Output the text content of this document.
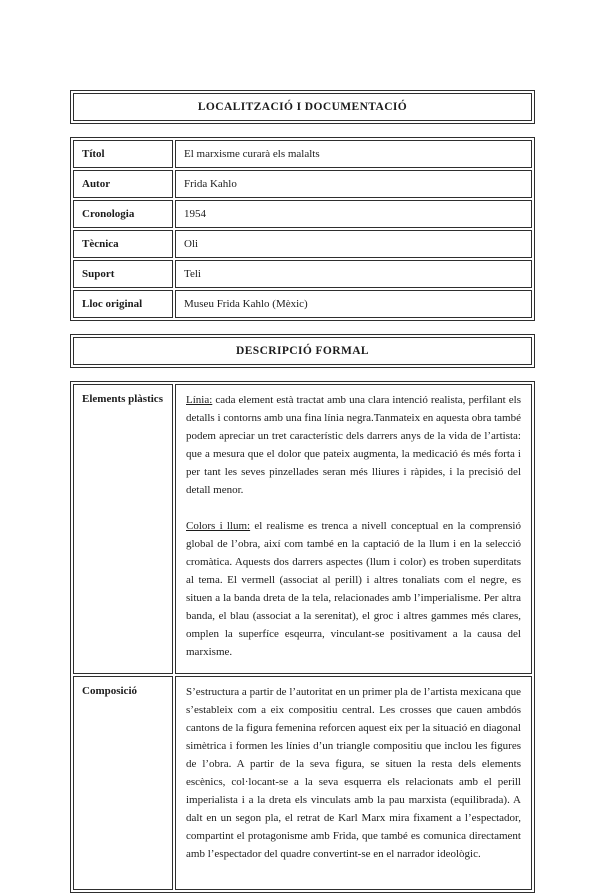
LOCALITZACIÓ I DOCUMENTACIÓ
Títol	El marxisme curarà els malalts
Autor	Frida Kahlo
Cronologia	1954
Tècnica	Oli
Suport	Teli
Lloc original	Museu Frida Kahlo (Mèxic)
DESCRIPCIÓ FORMAL
Elements plàstics	Línia: cada element està tractat amb una clara intenció realista, perfilant els detalls i contorns amb una fina línia negra.Tanmateix en aquesta obra també podem apreciar un tret característic dels darrers anys de la vida de l’artista: que a mesura que el dolor que pateix augmenta, la medicació és més forta i per tant les seves pinzellades seran més lliures i ràpides, i la precisió del detall menor.

Colors i llum: el realisme es trenca a nivell conceptual en la comprensió global de l’obra, així com també en la captació de la llum i en la selecció cromàtica. Aquests dos darrers aspectes (llum i color) es troben superditats al tema. El vermell (associat al perill) i altres tonaliats com el negre, es situen a la banda dreta de la tela, relacionades amb l’imperialisme. Per altra banda, el blau (associat a la serenitat), el groc i altres gammes més clares, omplen la superfíce esqeurra, vinculant-se positivament a la causa del marxisme.

Composició	S’estructura a partir de l’autoritat en un primer pla de l’artista mexicana que s’estableix com a eix compositiu central. Les crosses que cauen ambdós cantons de la figura femenina reforcen aquest eix per la situació en diagonal simètrica i formen les línies d’un triangle compositiu que inclou les figures de l’obra. A partir de la seva figura, se situen la resta dels elements escènics, col·locant-se a la seva esquerra els relacionats amb el perill imperialista i a la dreta els vinculats amb la pau marxista (equilibrada). A dalt en un segon pla, el retrat de Karl Marx mira fixament a l’espectador, compartint el protagonisme amb Frida, que també es comunica directament amb l’espectador del quadre convertint-se en el narrador ideològic.
